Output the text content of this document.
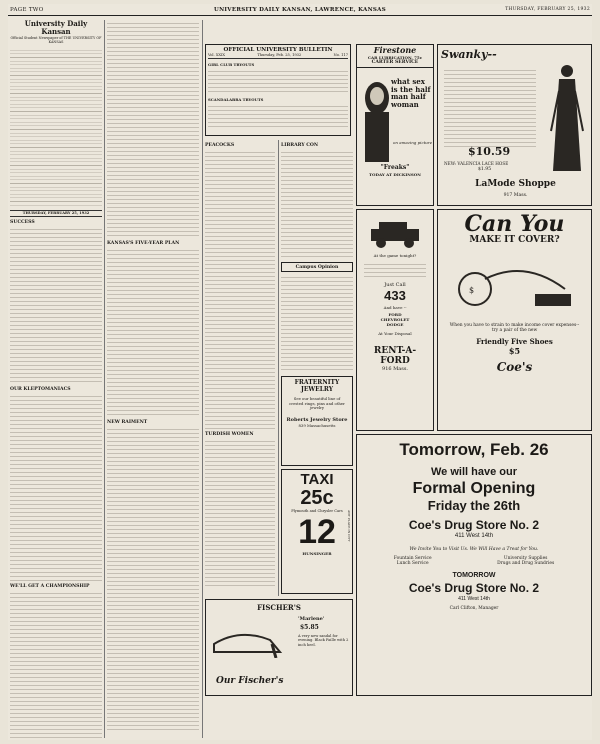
PAGE TWO	UNIVERSITY DAILY KANSAN, LAWRENCE, KANSAS	THURSDAY, FEBRUARY 25, 1932
University Daily Kansan
Official Student Newspaper of THE UNIVERSITY OF KANSAS
THURSDAY, FEBRUARY 25, 1932
SUCCESS
OUR KLEPTOMANIACS
WE'LL GET A CHAMPIONSHIP
KANSAS'S FIVE-YEAR PLAN
NEW RAIMENT
OFFICIAL UNIVERSITY BULLETIN
Vol. XXIX	Thursday, Feb. 25, 1932	No. 117
GIRL CLUB TRYOUTS
SCANDALABRA TRYOUTS
PEACOCKS
TURDISH WOMEN
LIBRARY CON
Campus Opinion
FRATERNITY
JEWELRY
See our beautiful line of crested rings, pins and other jewelry
Roberts Jewelry Store
839 Massachusetts
TAXI
25c
Plymouth and Chrysler Cars
12
HUNSINGER
ANY PLACE IN CITY
Firestone
CAR LUBRICATION, 75c
CARTER SERVICE
what sex is the half man half woman
on amazing picture
"Freaks"
TODAY AT DICKINSON
Swanky--
$10.59
NEW: VALENCIA LACE HOSE
$1.95
LaMode Shoppe
917 Mass.
At the game tonight?
Just Call
433
And have --
FORD CHEVROLET DODGE
At Your Disposal
RENT-A-FORD
916 Mass.
Can You
MAKE IT COVER?
$
When you have to strain to make income cover expenses--try a pair of the new
Friendly Five Shoes
$5
Coe's
Tomorrow, Feb. 26
We will have our
Formal Opening
Friday the 26th
Coe's Drug Store No. 2
411 West 14th
We Invite You to Visit Us. We Will Have a Treat for You.
Fountain Service
Lunch Service
University Supplies
Drugs and Drug Sundries
TOMORROW
Coe's Drug Store No. 2
411 West 14th
Carl Clifton, Manager
FISCHER'S
'Marlene'
$5.85
A very new sandal for evening. Black Faille with 2 inch heel.
Our Fischer's
